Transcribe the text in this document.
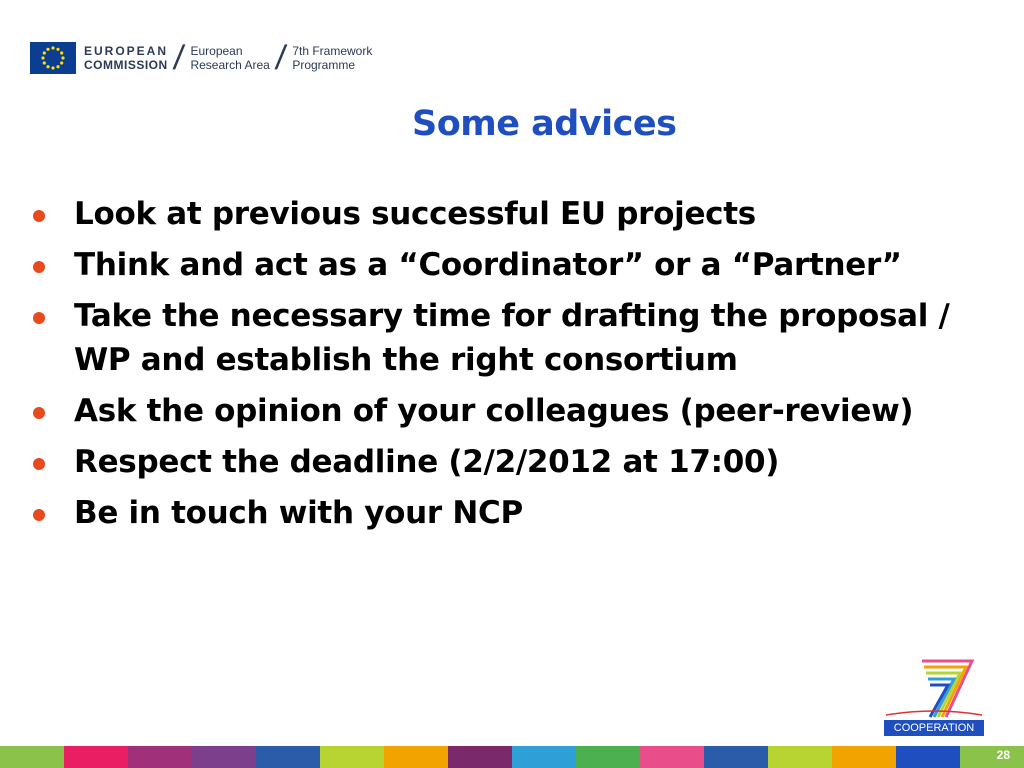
EUROPEAN
COMMISSION / European
Research Area / 7th Framework
Programme
Some advices
Look at previous successful EU projects
Think and act as a “Coordinator” or a “Partner”
Take the necessary time for drafting the proposal / WP and establish the right consortium
Ask the opinion of your colleagues (peer-review)
Respect the deadline (2/2/2012 at 17:00)
Be in touch with your NCP
COOPERATION
28
